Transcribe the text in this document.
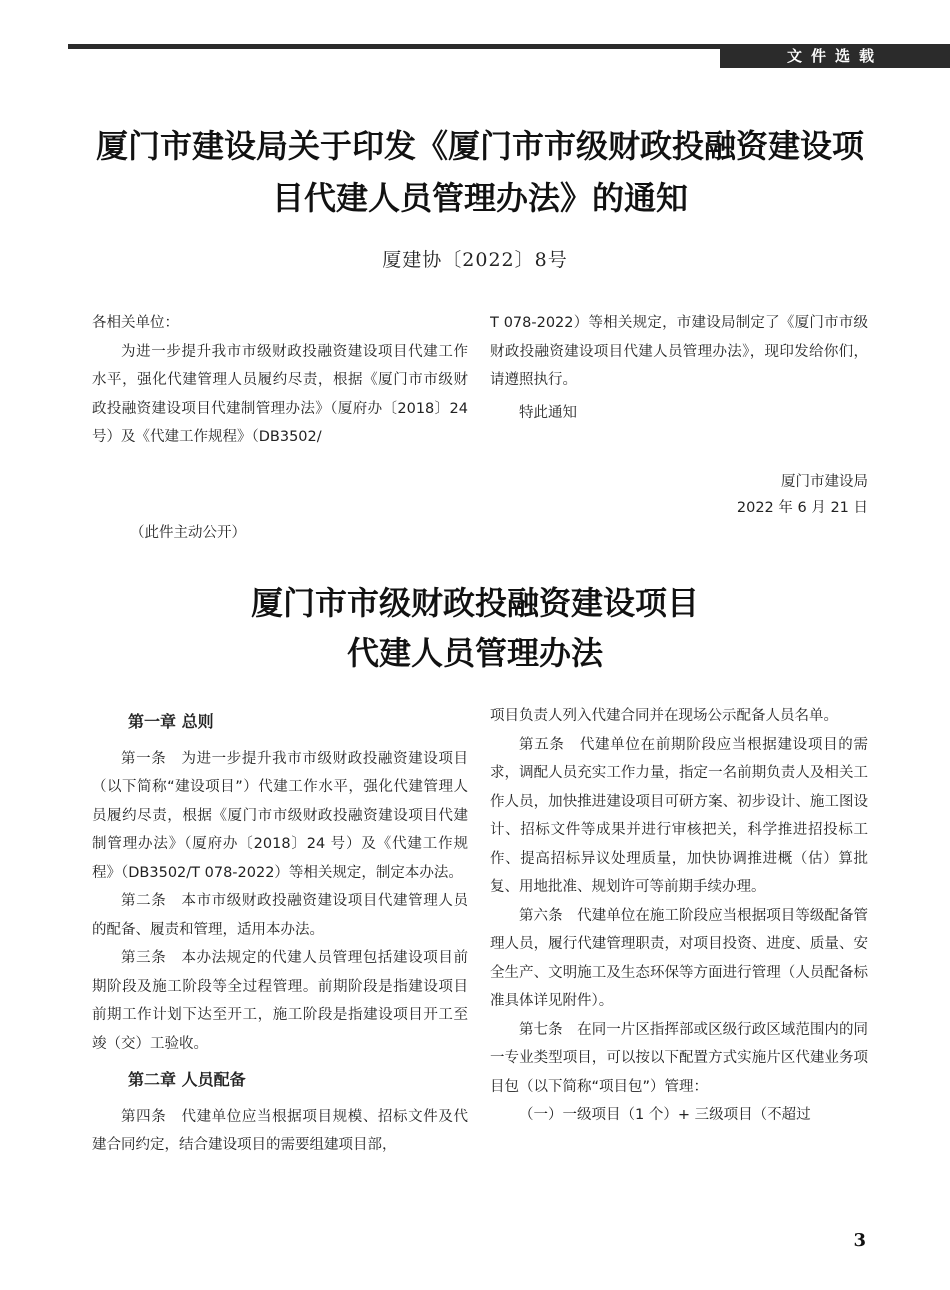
文件选载
厦门市建设局关于印发《厦门市市级财政投融资建设项
目代建人员管理办法》的通知
厦建协〔2022〕8号

各相关单位：

为进一步提升我市市级财政投融资建设项目代建工作水平，强化代建管理人员履约尽责，根据《厦门市市级财政投融资建设项目代建制管理办法》（厦府办〔2018〕24号）及《代建工作规程》（DB3502/

T 078-2022）等相关规定，市建设局制定了《厦门市市级财政投融资建设项目代建人员管理办法》，现印发给你们，请遵照执行。

特此通知

厦门市建设局
2022 年 6 月 21 日
（此件主动公开）
厦门市市级财政投融资建设项目
代建人员管理办法
第一章 总则

第一条　为进一步提升我市市级财政投融资建设项目（以下简称“建设项目”）代建工作水平，强化代建管理人员履约尽责，根据《厦门市市级财政投融资建设项目代建制管理办法》（厦府办〔2018〕24 号）及《代建工作规程》（DB3502/T 078-2022）等相关规定，制定本办法。

第二条　本市市级财政投融资建设项目代建管理人员的配备、履责和管理，适用本办法。

第三条　本办法规定的代建人员管理包括建设项目前期阶段及施工阶段等全过程管理。前期阶段是指建设项目前期工作计划下达至开工，施工阶段是指建设项目开工至竣（交）工验收。

第二章 人员配备

第四条　代建单位应当根据项目规模、招标文件及代建合同约定，结合建设项目的需要组建项目部，

项目负责人列入代建合同并在现场公示配备人员名单。

第五条　代建单位在前期阶段应当根据建设项目的需求，调配人员充实工作力量，指定一名前期负责人及相关工作人员，加快推进建设项目可研方案、初步设计、施工图设计、招标文件等成果并进行审核把关，科学推进招投标工作、提高招标异议处理质量，加快协调推进概（估）算批复、用地批准、规划许可等前期手续办理。

第六条　代建单位在施工阶段应当根据项目等级配备管理人员，履行代建管理职责，对项目投资、进度、质量、安全生产、文明施工及生态环保等方面进行管理（人员配备标准具体详见附件）。

第七条　在同一片区指挥部或区级行政区域范围内的同一专业类型项目，可以按以下配置方式实施片区代建业务项目包（以下简称“项目包”）管理：

（一）一级项目（1 个）+ 三级项目（不超过

3
